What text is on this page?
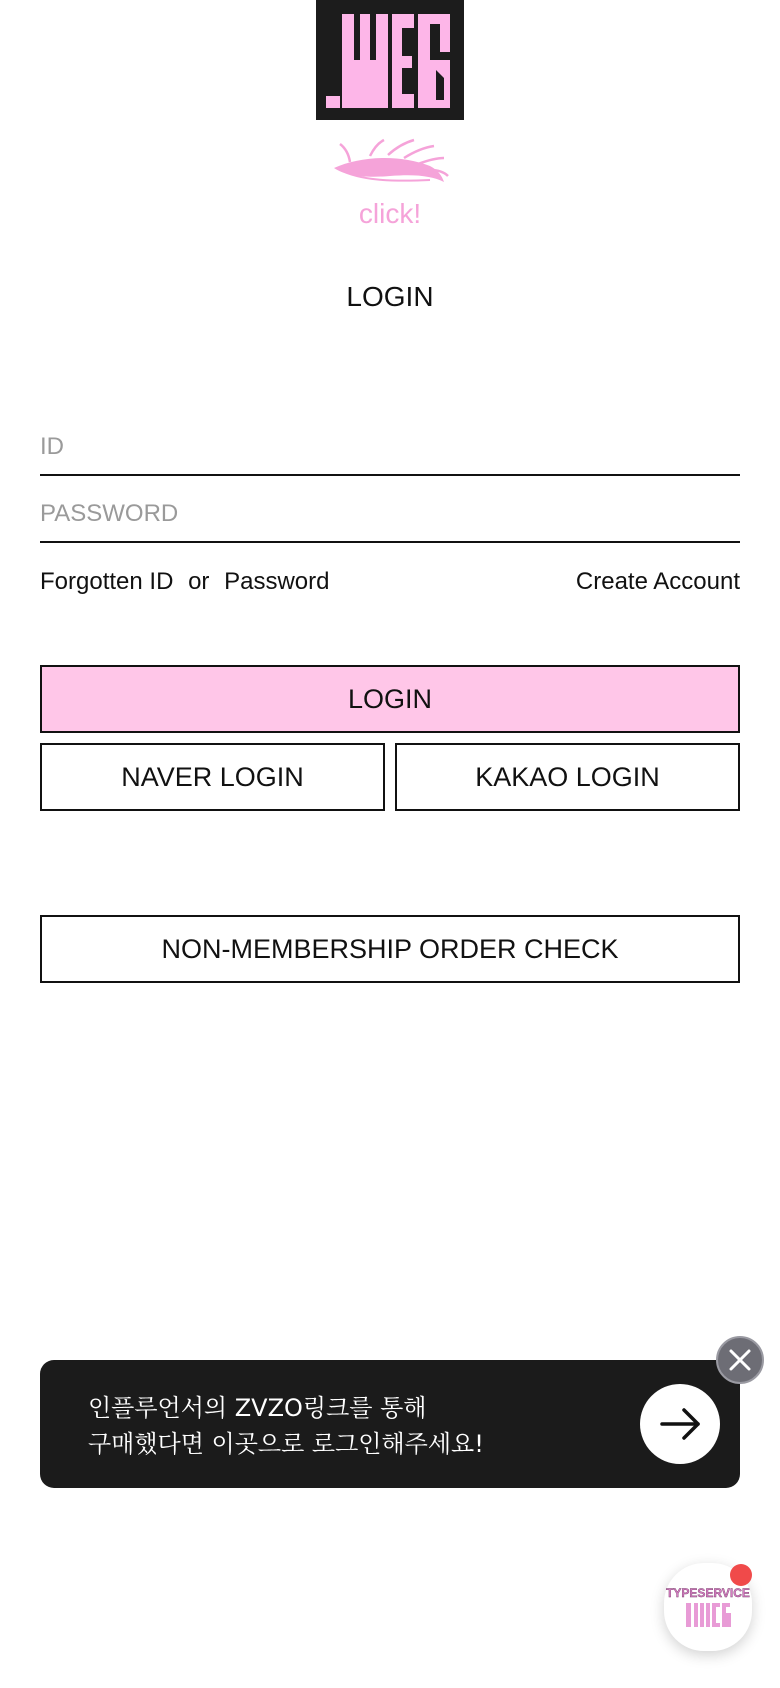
click!
LOGIN
ID
Forgotten ID or Password	Create Account
LOGIN
NAVER LOGIN	KAKAO LOGIN
NON-MEMBERSHIP ORDER CHECK
인플루언서의 ZVZO링크를 통해
구매했다면 이곳으로 로그인해주세요!
TYPESERVICE
